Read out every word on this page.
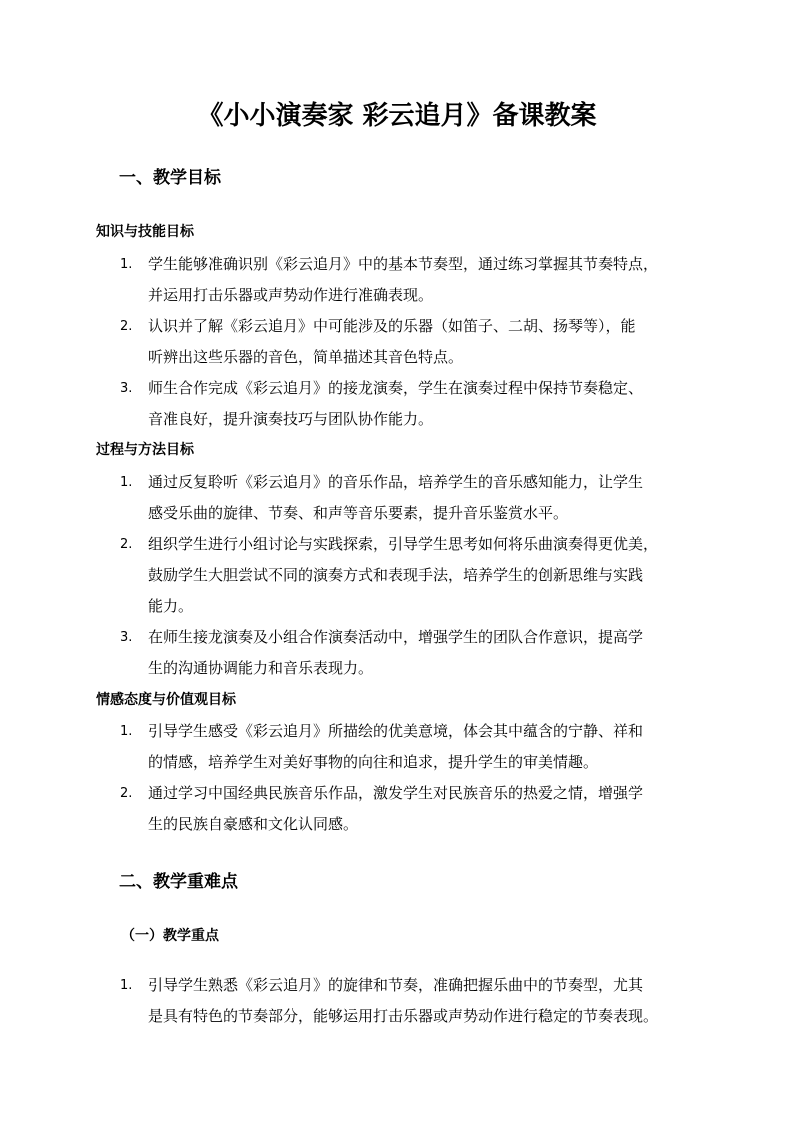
《小小演奏家 彩云追月》备课教案
一、教学目标
知识与技能目标
1. 学生能够准确识别《彩云追月》中的基本节奏型，通过练习掌握其节奏特点，
并运用打击乐器或声势动作进行准确表现。
2. 认识并了解《彩云追月》中可能涉及的乐器（如笛子、二胡、扬琴等），能
听辨出这些乐器的音色，简单描述其音色特点。
3. 师生合作完成《彩云追月》的接龙演奏，学生在演奏过程中保持节奏稳定、
音准良好，提升演奏技巧与团队协作能力。
过程与方法目标
1. 通过反复聆听《彩云追月》的音乐作品，培养学生的音乐感知能力，让学生
感受乐曲的旋律、节奏、和声等音乐要素，提升音乐鉴赏水平。
2. 组织学生进行小组讨论与实践探索，引导学生思考如何将乐曲演奏得更优美，
鼓励学生大胆尝试不同的演奏方式和表现手法，培养学生的创新思维与实践
能力。
3. 在师生接龙演奏及小组合作演奏活动中，增强学生的团队合作意识，提高学
生的沟通协调能力和音乐表现力。
情感态度与价值观目标
1. 引导学生感受《彩云追月》所描绘的优美意境，体会其中蕴含的宁静、祥和
的情感，培养学生对美好事物的向往和追求，提升学生的审美情趣。
2. 通过学习中国经典民族音乐作品，激发学生对民族音乐的热爱之情，增强学
生的民族自豪感和文化认同感。
二、教学重难点
（一）教学重点
1. 引导学生熟悉《彩云追月》的旋律和节奏，准确把握乐曲中的节奏型，尤其
是具有特色的节奏部分，能够运用打击乐器或声势动作进行稳定的节奏表现。
